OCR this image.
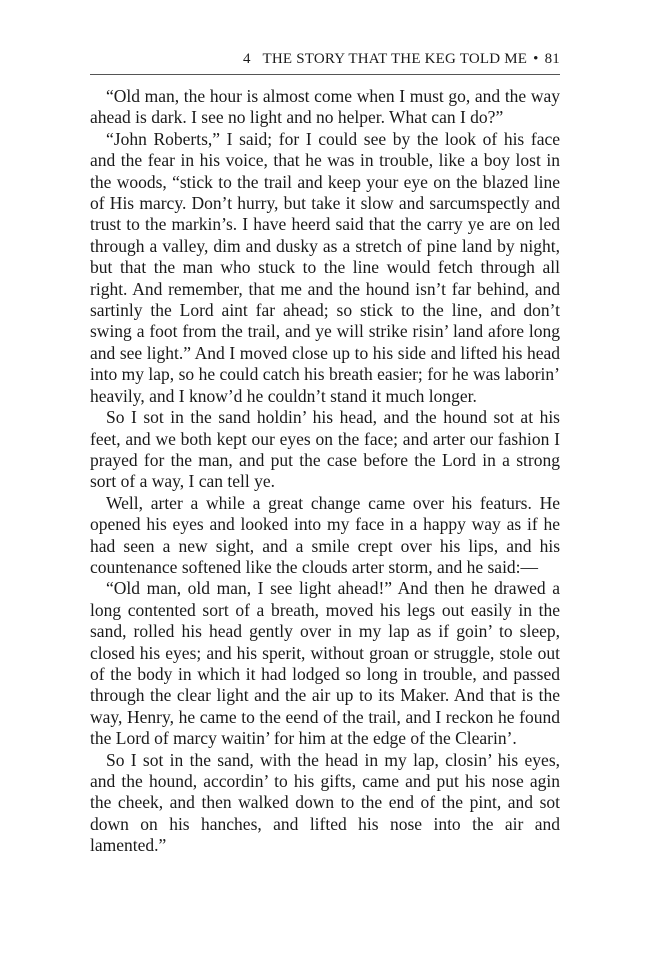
4 THE STORY THAT THE KEG TOLD ME • 81

“Old man, the hour is almost come when I must go, and the way ahead is dark. I see no light and no helper. What can I do?”

“John Roberts,” I said; for I could see by the look of his face and the fear in his voice, that he was in trouble, like a boy lost in the woods, “stick to the trail and keep your eye on the blazed line of His marcy. Don’t hurry, but take it slow and sarcumspectly and trust to the markin’s. I have heerd said that the carry ye are on led through a valley, dim and dusky as a stretch of pine land by night, but that the man who stuck to the line would fetch through all right. And remember, that me and the hound isn’t far behind, and sartinly the Lord aint far ahead; so stick to the line, and don’t swing a foot from the trail, and ye will strike risin’ land afore long and see light.” And I moved close up to his side and lifted his head into my lap, so he could catch his breath easier; for he was laborin’ heavily, and I know’d he couldn’t stand it much longer.

So I sot in the sand holdin’ his head, and the hound sot at his feet, and we both kept our eyes on the face; and arter our fashion I prayed for the man, and put the case before the Lord in a strong sort of a way, I can tell ye.

Well, arter a while a great change came over his featurs. He opened his eyes and looked into my face in a happy way as if he had seen a new sight, and a smile crept over his lips, and his countenance softened like the clouds arter storm, and he said:—

“Old man, old man, I see light ahead!” And then he drawed a long contented sort of a breath, moved his legs out easily in the sand, rolled his head gently over in my lap as if goin’ to sleep, closed his eyes; and his sperit, without groan or struggle, stole out of the body in which it had lodged so long in trouble, and passed through the clear light and the air up to its Maker. And that is the way, Henry, he came to the eend of the trail, and I reckon he found the Lord of marcy waitin’ for him at the edge of the Clearin’.

So I sot in the sand, with the head in my lap, closin’ his eyes, and the hound, accordin’ to his gifts, came and put his nose agin the cheek, and then walked down to the end of the pint, and sot down on his hanches, and lifted his nose into the air and lamented.”
